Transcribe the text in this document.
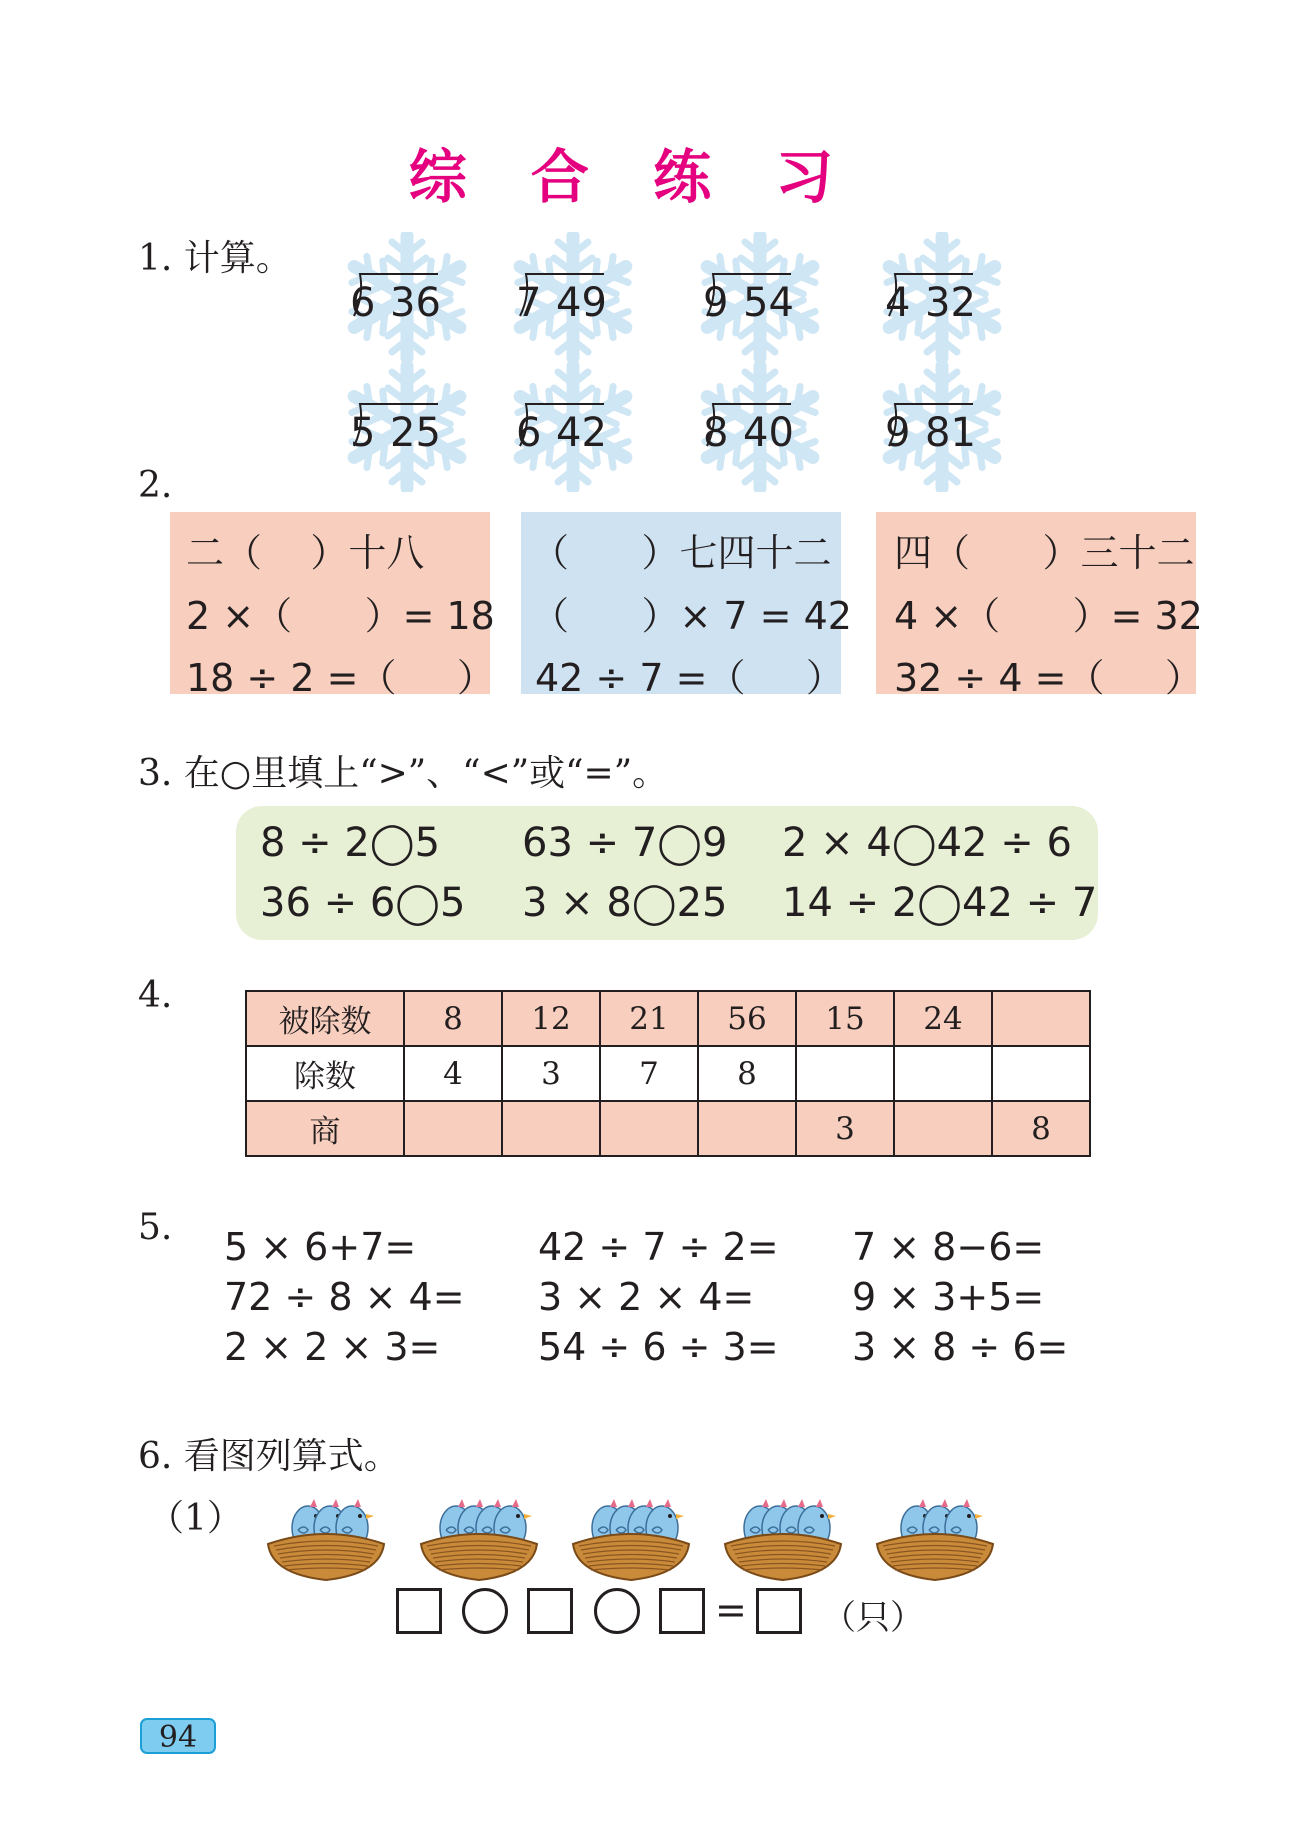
综 合 练 习
1. 计算。
6 36 7 49 9 54 4 32
5 25 6 42 8 40 9 81
2.
二（    ）十八
2 ×（      ）= 18
18 ÷ 2 =（     ）
（      ）七四十二
（      ）× 7 = 42
42 ÷ 7 =（     ）
四（      ）三十二
4 ×（      ）= 32
32 ÷ 4 =（     ）
3. 在○里填上“>”、“<”或“=”。
8 ÷ 2◯5 63 ÷ 7◯9 2 × 4◯42 ÷ 6
36 ÷ 6◯5 3 × 8◯25 14 ÷ 2◯42 ÷ 7
4.
被除数	8	12	21	56	15	24	
除数	4	3	7	8			
商					3		8
5. 5 × 6+7=	42 ÷ 7 ÷ 2= 7 × 8−6=
72 ÷ 8 × 4= 3 × 2 × 4=	9 × 3+5=
2 × 2 × 3=	54 ÷ 6 ÷ 3= 3 × 8 ÷ 6=
6. 看图列算式。
（1）
= （只）
94
